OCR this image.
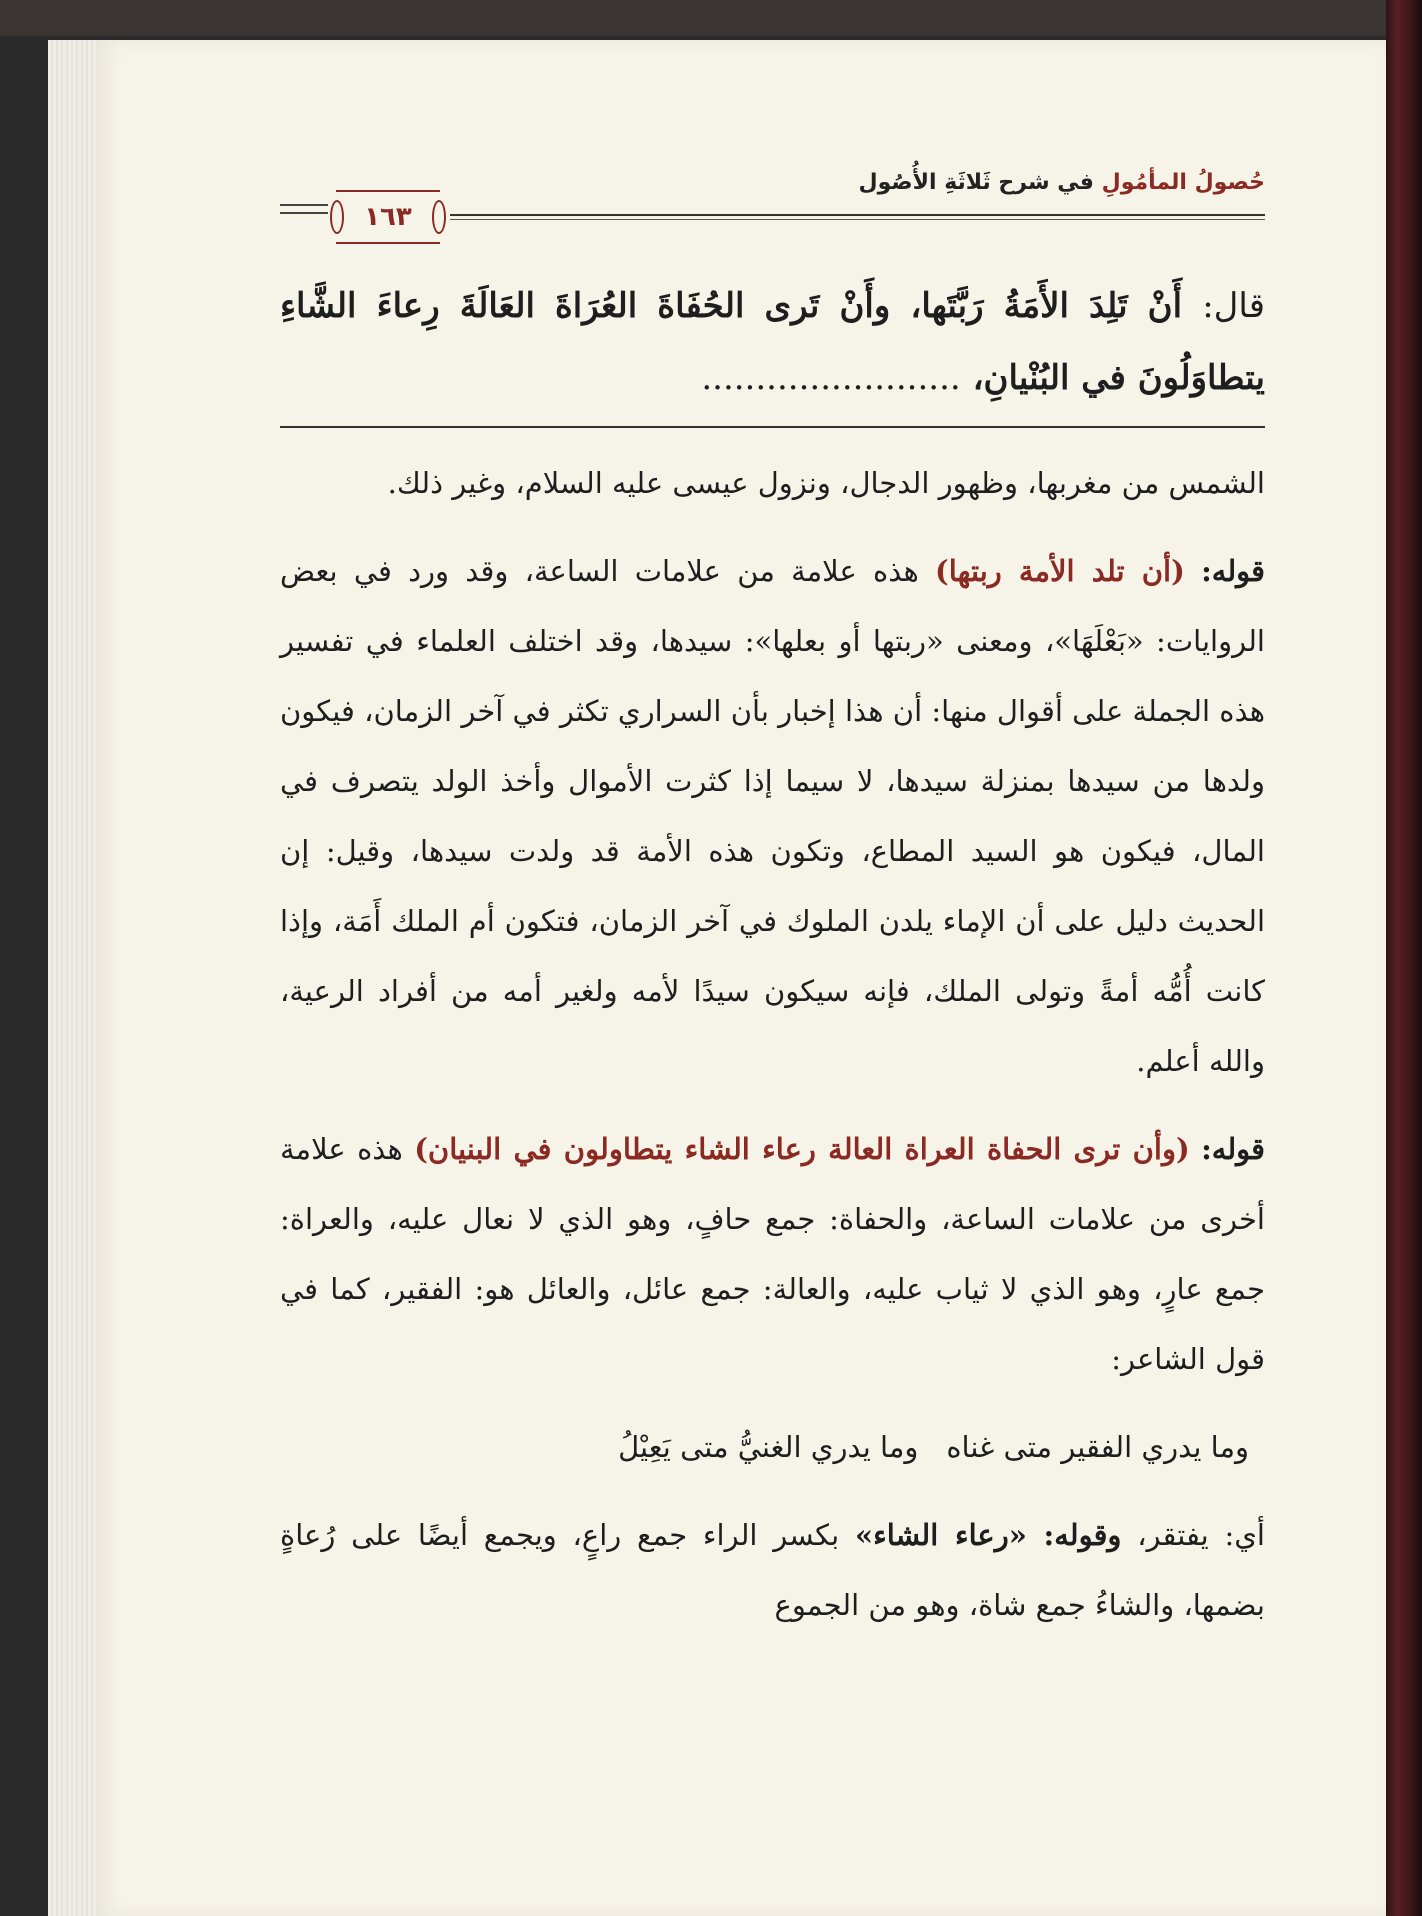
١٦٣
حُصولُ المأمُولِ في شرح ثَلاثَةِ الأُصُول

قال: أَنْ تَلِدَ الأَمَةُ رَبَّتَها، وأَنْ تَرى الحُفَاةَ العُرَاةَ العَالَةَ رِعاءَ الشَّاءِ يتطاوَلُونَ في البُنْيانِ، ........................

الشمس من مغربها، وظهور الدجال، ونزول عيسى عليه السلام، وغير ذلك.

قوله: (أن تلد الأمة ربتها) هذه علامة من علامات الساعة، وقد ورد في بعض الروايات: «بَعْلَهَا»، ومعنى «ربتها أو بعلها»: سيدها، وقد اختلف العلماء في تفسير هذه الجملة على أقوال منها: أن هذا إخبار بأن السراري تكثر في آخر الزمان، فيكون ولدها من سيدها بمنزلة سيدها، لا سيما إذا كثرت الأموال وأخذ الولد يتصرف في المال، فيكون هو السيد المطاع، وتكون هذه الأمة قد ولدت سيدها، وقيل: إن الحديث دليل على أن الإماء يلدن الملوك في آخر الزمان، فتكون أم الملك أَمَة، وإذا كانت أُمُّه أمةً وتولى الملك، فإنه سيكون سيدًا لأمه ولغير أمه من أفراد الرعية، والله أعلم.

قوله: (وأن ترى الحفاة العراة العالة رعاء الشاء يتطاولون في البنيان) هذه علامة أخرى من علامات الساعة، والحفاة: جمع حافٍ، وهو الذي لا نعال عليه، والعراة: جمع عارٍ، وهو الذي لا ثياب عليه، والعالة: جمع عائل، والعائل هو: الفقير، كما في قول الشاعر:

وما يدري الفقير متى غناه
وما يدري الغنيُّ متى يَعِيْلُ

أي: يفتقر، وقوله: «رعاء الشاء» بكسر الراء جمع راعٍ، ويجمع أيضًا على رُعاةٍ بضمها، والشاءُ جمع شاة، وهو من الجموع
